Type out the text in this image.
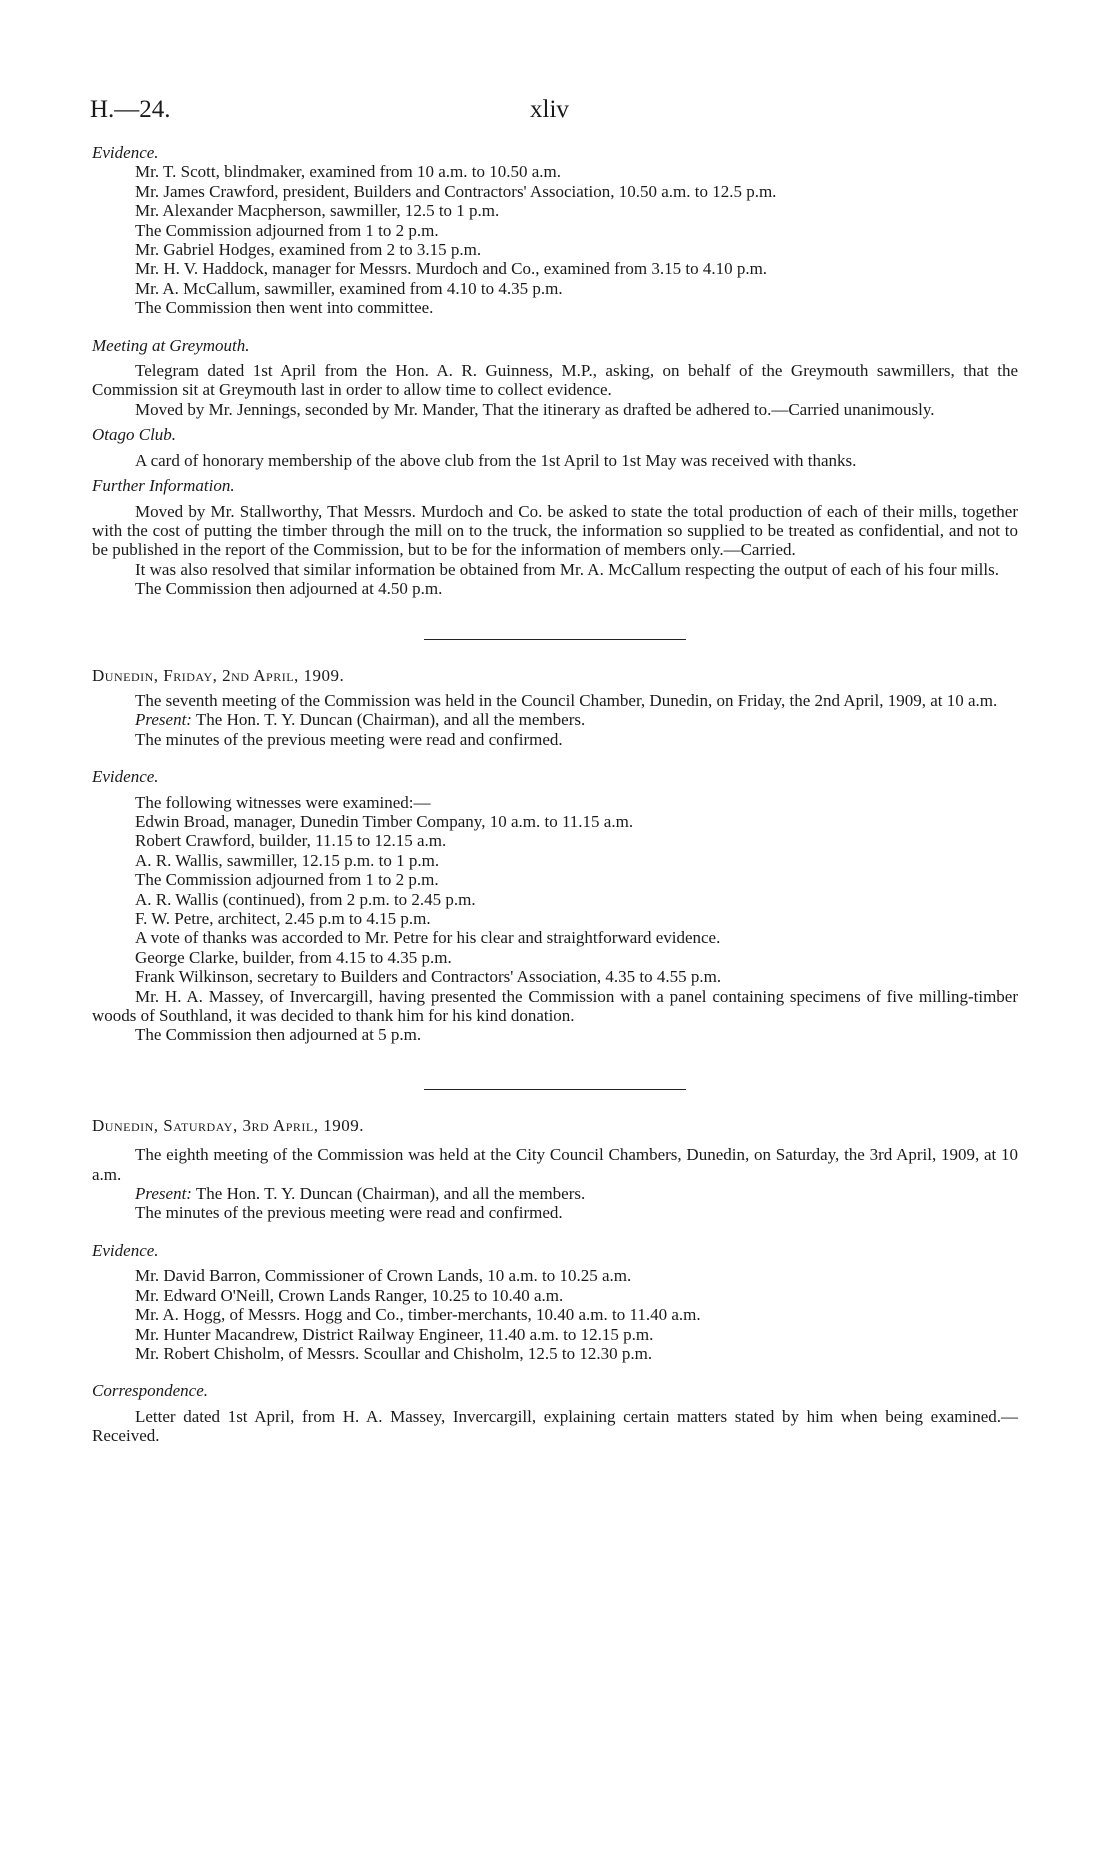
H.—24.	xliv

Evidence.

Mr. T. Scott, blindmaker, examined from 10 a.m. to 10.50 a.m.

Mr. James Crawford, president, Builders and Contractors' Association, 10.50 a.m. to 12.5 p.m.

Mr. Alexander Macpherson, sawmiller, 12.5 to 1 p.m.

The Commission adjourned from 1 to 2 p.m.

Mr. Gabriel Hodges, examined from 2 to 3.15 p.m.

Mr. H. V. Haddock, manager for Messrs. Murdoch and Co., examined from 3.15 to 4.10 p.m.

Mr. A. McCallum, sawmiller, examined from 4.10 to 4.35 p.m.

The Commission then went into committee.

Meeting at Greymouth.

Telegram dated 1st April from the Hon. A. R. Guinness, M.P., asking, on behalf of the Greymouth sawmillers, that the Commission sit at Greymouth last in order to allow time to collect evidence.

Moved by Mr. Jennings, seconded by Mr. Mander, That the itinerary as drafted be adhered to.—Carried unanimously.

Otago Club.

A card of honorary membership of the above club from the 1st April to 1st May was received with thanks.

Further Information.

Moved by Mr. Stallworthy, That Messrs. Murdoch and Co. be asked to state the total production of each of their mills, together with the cost of putting the timber through the mill on to the truck, the information so supplied to be treated as confidential, and not to be published in the report of the Commission, but to be for the information of members only.—Carried.

It was also resolved that similar information be obtained from Mr. A. McCallum respecting the output of each of his four mills.

The Commission then adjourned at 4.50 p.m.

Dunedin, Friday, 2nd April, 1909.

The seventh meeting of the Commission was held in the Council Chamber, Dunedin, on Friday, the 2nd April, 1909, at 10 a.m.

Present: The Hon. T. Y. Duncan (Chairman), and all the members.

The minutes of the previous meeting were read and confirmed.

Evidence.

The following witnesses were examined:—

Edwin Broad, manager, Dunedin Timber Company, 10 a.m. to 11.15 a.m.

Robert Crawford, builder, 11.15 to 12.15 a.m.

A. R. Wallis, sawmiller, 12.15 p.m. to 1 p.m.

The Commission adjourned from 1 to 2 p.m.

A. R. Wallis (continued), from 2 p.m. to 2.45 p.m.

F. W. Petre, architect, 2.45 p.m to 4.15 p.m.

A vote of thanks was accorded to Mr. Petre for his clear and straightforward evidence.

George Clarke, builder, from 4.15 to 4.35 p.m.

Frank Wilkinson, secretary to Builders and Contractors' Association, 4.35 to 4.55 p.m.

Mr. H. A. Massey, of Invercargill, having presented the Commission with a panel containing specimens of five milling-timber woods of Southland, it was decided to thank him for his kind donation.

The Commission then adjourned at 5 p.m.

Dunedin, Saturday, 3rd April, 1909.

The eighth meeting of the Commission was held at the City Council Chambers, Dunedin, on Saturday, the 3rd April, 1909, at 10 a.m.

Present: The Hon. T. Y. Duncan (Chairman), and all the members.

The minutes of the previous meeting were read and confirmed.

Evidence.

Mr. David Barron, Commissioner of Crown Lands, 10 a.m. to 10.25 a.m.

Mr. Edward O'Neill, Crown Lands Ranger, 10.25 to 10.40 a.m.

Mr. A. Hogg, of Messrs. Hogg and Co., timber-merchants, 10.40 a.m. to 11.40 a.m.

Mr. Hunter Macandrew, District Railway Engineer, 11.40 a.m. to 12.15 p.m.

Mr. Robert Chisholm, of Messrs. Scoullar and Chisholm, 12.5 to 12.30 p.m.

Correspondence.

Letter dated 1st April, from H. A. Massey, Invercargill, explaining certain matters stated by him when being examined.—Received.
